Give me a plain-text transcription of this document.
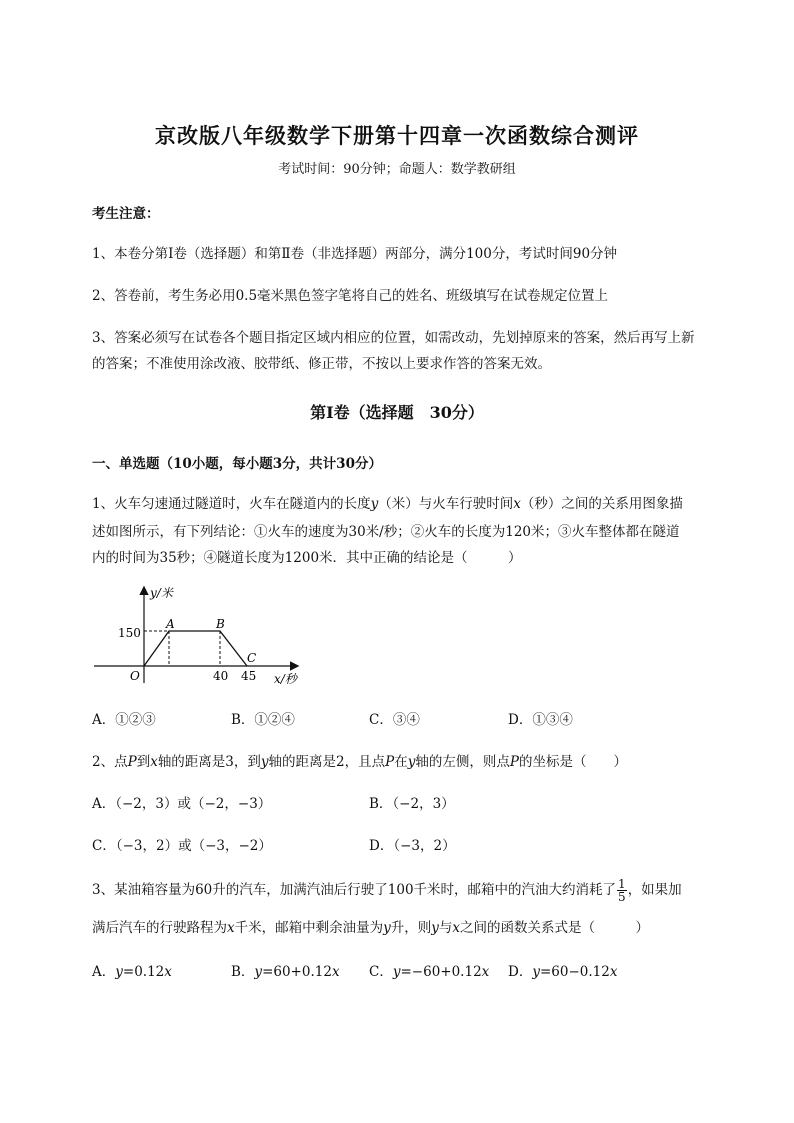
京改版八年级数学下册第十四章一次函数综合测评
考试时间：90分钟；命题人：数学教研组
考生注意：
1、本卷分第I卷（选择题）和第Ⅱ卷（非选择题）两部分，满分100分，考试时间90分钟
2、答卷前，考生务必用0.5毫米黑色签字笔将自己的姓名、班级填写在试卷规定位置上
3、答案必须写在试卷各个题目指定区域内相应的位置，如需改动，先划掉原来的答案，然后再写上新
的答案；不准使用涂改液、胶带纸、修正带，不按以上要求作答的答案无效。
第I卷（选择题　30分）
一、单选题（10小题，每小题3分，共计30分）
1、火车匀速通过隧道时，火车在隧道内的长度y（米）与火车行驶时间x（秒）之间的关系用图象描
述如图所示，有下列结论：①火车的速度为30米/秒；②火车的长度为120米；③火车整体都在隧道
内的时间为35秒；④隧道长度为1200米．其中正确的结论是（　　　）
y/米
x/秒
O
150
40 45
A	B
C
A．①②③	B．①②④	C．③④	D．①③④
2、点P到x轴的距离是3，到y轴的距离是2，且点P在y轴的左侧，则点P的坐标是（　　）
A．（−2，3）或（−2，−3）	B．（−2，3）
C．（−3，2）或（−3，−2）	D．（−3，2）
3、某油箱容量为60升的汽车，加满汽油后行驶了100千米时，邮箱中的汽油大约消耗了 $\frac{1}{5}$ ，如果加
满后汽车的行驶路程为x千米，邮箱中剩余油量为y升，则y与x之间的函数关系式是（　　　）
A．y=0.12x	B．y=60+0.12x C．y=−60+0.12x D．y=60−0.12x
